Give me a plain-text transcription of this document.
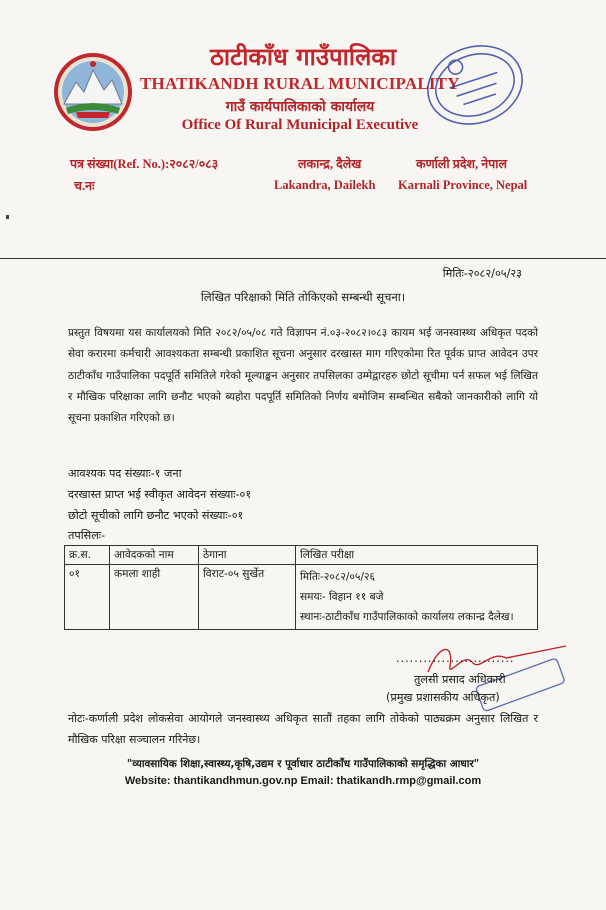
ठाटीकाँध गाउँपालिका
THATIKANDH RURAL MUNICIPALITY
गाउँ कार्यपालिकाको कार्यालय
Office Of Rural Municipal Executive
पत्र संख्या(Ref. No.):२०८२/०८३
च.नः
लकान्द्र, दैलेख
Lakandra, Dailekh
कर्णाली प्रदेश, नेपाल
Karnali Province, Nepal
मितिः-२०८२/०५/२३
लिखित परिक्षाको मिति तोकिएको सम्बन्धी सूचना।
प्रस्तुत विषयमा यस कार्यालयको मिति २०८२/०५/०८ गते विज्ञापन नं.०३-२०८२।०८३ कायम भई जनस्वास्थ्य अधिकृत पदको सेवा करारमा कर्मचारी आवश्यकता सम्बन्धी प्रकाशित सूचना अनुसार दरखास्त माग गरिएकोमा रित पूर्वक प्राप्त आवेदन उपर ठाटीकाँध गाउँपालिका पदपूर्ति समितिले गरेको मूल्याङ्कन अनुसार तपसिलका उम्मेद्वारहरु छोटो सूचीमा पर्न सफल भई लिखित र मौखिक परिक्षाका लागि छनौट भएको ब्यहोरा पदपूर्ति समितिको निर्णय बमोजिम सम्बन्धित सबैको जानकारीको लागि यो सूचना प्रकाशित गरिएको छ।
आवश्यक पद संख्याः-१ जना
दरखास्त प्राप्त भई स्वीकृत आवेदन संख्याः-०१
छोटो सूचीको लागि छनौट भएको संख्याः-०१
तपसिलः-
क्र.स.	आवेदकको नाम	ठेगाना	लिखित परीक्षा
०१	कमला शाही	विराट-०५ सुर्खेत	मितिः-२०८२/०५/२६
समयः- विहान ११ बजे
स्थानः-ठाटीकाँध गाउँपालिकाको कार्यालय लकान्द्र दैलेख।
..........................
तुलसी प्रसाद अधिकारी
(प्रमुख प्रशासकीय अधिकृत)
नोटः-कर्णाली प्रदेश लोकसेवा आयोगले जनस्वास्थ्य अधिकृत सातौं तहका लागि तोकेको पाठ्यक्रम अनुसार लिखित र मौखिक परिक्षा सञ्चालन गरिनेछ।
"व्यावसायिक शिक्षा,स्वास्थ्य,कृषि,उद्यम र पूर्वाधार ठाटीकाँध गाउँपालिकाको समृद्धिका आधार"
Website: thantikandhmun.gov.np Email: thatikandh.rmp@gmail.com
